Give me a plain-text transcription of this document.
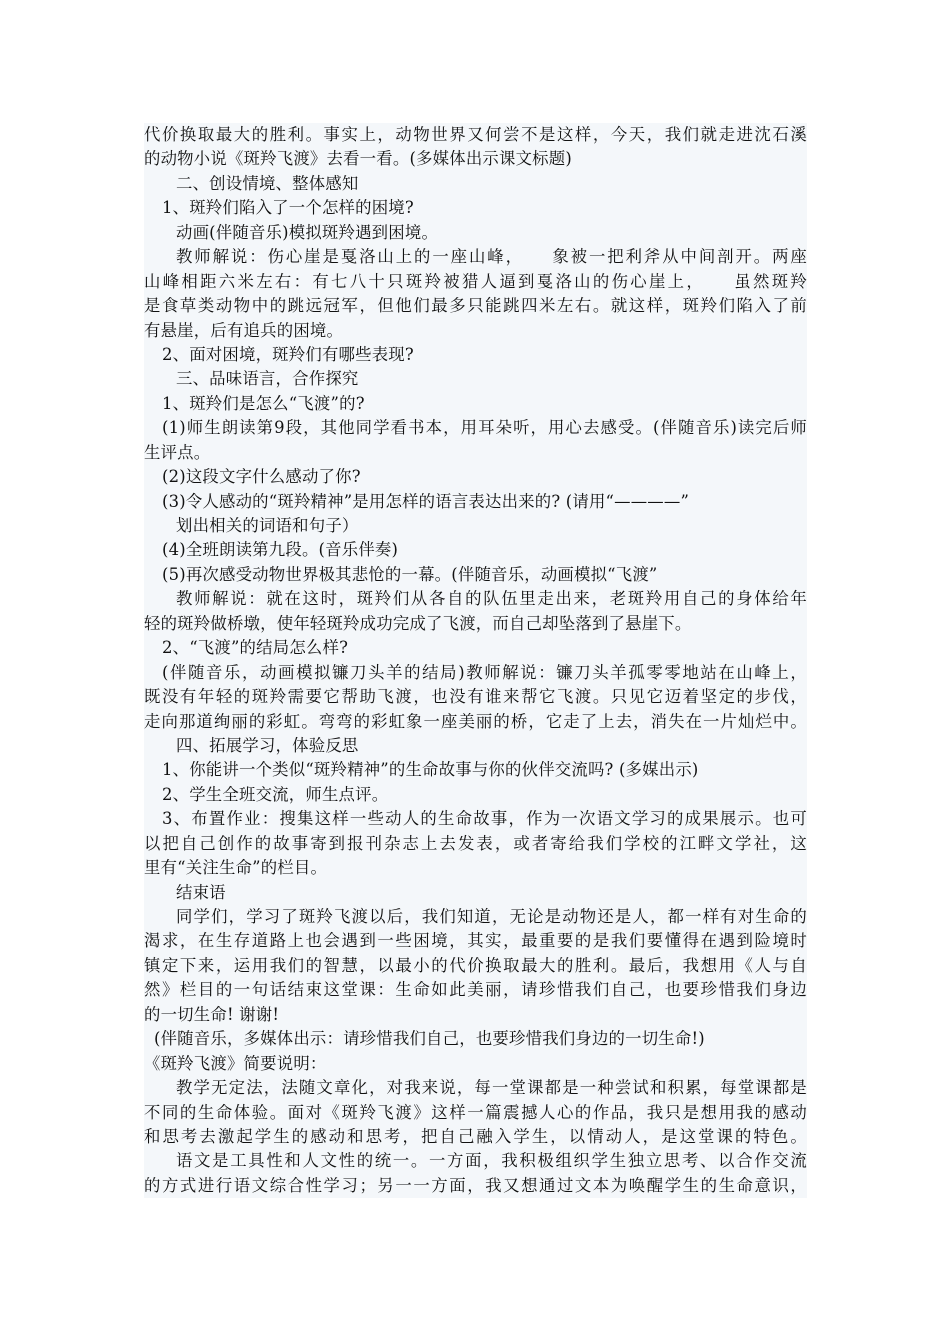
代价换取最大的胜利。事实上，动物世界又何尝不是这样，今天，我们就走进沈石溪
的动物小说《斑羚飞渡》去看一看。(多媒体出示课文标题)
二、创设情境、整体感知
1、斑羚们陷入了一个怎样的困境?
动画(伴随音乐)模拟斑羚遇到困境。
教师解说：伤心崖是戛洛山上的一座山峰，　　象被一把利斧从中间剖开。两座
山峰相距六米左右：有七八十只斑羚被猎人逼到戛洛山的伤心崖上，　　虽然斑羚
是食草类动物中的跳远冠军，但他们最多只能跳四米左右。就这样，斑羚们陷入了前
有悬崖，后有追兵的困境。
2、面对困境，斑羚们有哪些表现?
三、品味语言，合作探究
1、斑羚们是怎么“飞渡”的?
(1)师生朗读第9段，其他同学看书本，用耳朵听，用心去感受。(伴随音乐)读完后师
生评点。
(2)这段文字什么感动了你?
(3)令人感动的“斑羚精神”是用怎样的语言表达出来的? (请用“————”
划出相关的词语和句子）
(4)全班朗读第九段。(音乐伴奏)
(5)再次感受动物世界极其悲怆的一幕。(伴随音乐，动画模拟“飞渡”
教师解说：就在这时，斑羚们从各自的队伍里走出来，老斑羚用自己的身体给年
轻的斑羚做桥墩，使年轻斑羚成功完成了飞渡，而自己却坠落到了悬崖下。
2、“飞渡”的结局怎么样?
(伴随音乐，动画模拟镰刀头羊的结局)教师解说：镰刀头羊孤零零地站在山峰上，
既没有年轻的斑羚需要它帮助飞渡，也没有谁来帮它飞渡。只见它迈着坚定的步伐，
走向那道绚丽的彩虹。弯弯的彩虹象一座美丽的桥，它走了上去，消失在一片灿烂中。
四、拓展学习，体验反思
1、你能讲一个类似“斑羚精神”的生命故事与你的伙伴交流吗? (多媒出示)
2、学生全班交流，师生点评。
3、布置作业：搜集这样一些动人的生命故事，作为一次语文学习的成果展示。也可
以把自己创作的故事寄到报刊杂志上去发表，或者寄给我们学校的江畔文学社，这
里有“关注生命”的栏目。
结束语
同学们，学习了斑羚飞渡以后，我们知道，无论是动物还是人，都一样有对生命的
渴求，在生存道路上也会遇到一些困境，其实，最重要的是我们要懂得在遇到险境时
镇定下来，运用我们的智慧，以最小的代价换取最大的胜利。最后，我想用《人与自
然》栏目的一句话结束这堂课：生命如此美丽，请珍惜我们自己，也要珍惜我们身边
的一切生命! 谢谢!
(伴随音乐，多媒体出示：请珍惜我们自己，也要珍惜我们身边的一切生命!)
《斑羚飞渡》简要说明：
教学无定法，法随文章化，对我来说，每一堂课都是一种尝试和积累，每堂课都是
不同的生命体验。面对《斑羚飞渡》这样一篇震撼人心的作品，我只是想用我的感动
和思考去激起学生的感动和思考，把自己融入学生，以情动人，是这堂课的特色。
语文是工具性和人文性的统一。一方面，我积极组织学生独立思考、以合作交流
的方式进行语文综合性学习；另一一方面，我又想通过文本为唤醒学生的生命意识，
